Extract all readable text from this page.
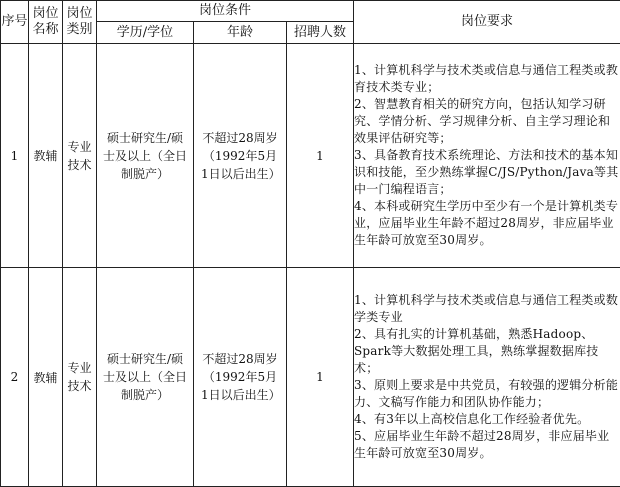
序号	岗位名称	岗位类别	岗位条件			岗位要求
			学历/学位	年龄	招聘人数	
1	教辅	专业技术	硕士研究生/硕士及以上（全日制脱产）	不超过28周岁（1992年5月1日以后出生）	1	1、计算机科学与技术类或信息与通信工程类或教育技术类专业；

2、智慧教育相关的研究方向，包括认知学习研究、学情分析、学习规律分析、自主学习理论和效果评估研究等；

3、具备教育技术系统理论、方法和技术的基本知识和技能，至少熟练掌握C/JS/Python/Java等其中一门编程语言；

4、本科或研究生学历中至少有一个是计算机类专业，应届毕业生年龄不超过28周岁，非应届毕业生年龄可放宽至30周岁。

2	教辅	专业技术	硕士研究生/硕士及以上（全日制脱产）	不超过28周岁（1992年5月1日以后出生）	1	1、计算机科学与技术类或信息与通信工程类或数学类专业

2、具有扎实的计算机基础，熟悉Hadoop、Spark等大数据处理工具，熟练掌握数据库技术；

3、原则上要求是中共党员，有较强的逻辑分析能力、文稿写作能力和团队协作能力；

4、有3年以上高校信息化工作经验者优先。

5、应届毕业生年龄不超过28周岁，非应届毕业生年龄可放宽至30周岁。
